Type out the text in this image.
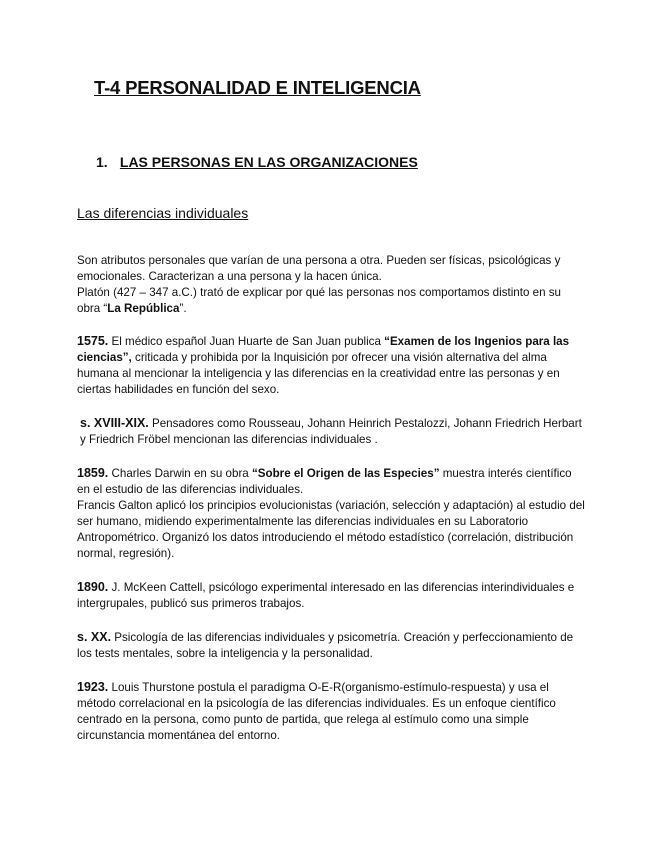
T-4 PERSONALIDAD E INTELIGENCIA
1. LAS PERSONAS EN LAS ORGANIZACIONES
Las diferencias individuales

Son atributos personales que varían de una persona a otra. Pueden ser físicas, psicológicas y emocionales. Caracterizan a una persona y la hacen única.
Platón (427 – 347 a.C.) trató de explicar por qué las personas nos comportamos distinto en su obra “La República”.

1575. El médico español Juan Huarte de San Juan publica “Examen de los Ingenios para las ciencias”, criticada y prohibida por la Inquisición por ofrecer una visión alternativa del alma humana al mencionar la inteligencia y las diferencias en la creatividad entre las personas y en ciertas habilidades en función del sexo.

s. XVIII-XIX. Pensadores como Rousseau, Johann Heinrich Pestalozzi, Johann Friedrich Herbart y Friedrich Fröbel mencionan las diferencias individuales .

1859. Charles Darwin en su obra “Sobre el Origen de las Especies” muestra interés científico en el estudio de las diferencias individuales.
Francis Galton aplicó los principios evolucionistas (variación, selección y adaptación) al estudio del ser humano, midiendo experimentalmente las diferencias individuales en su Laboratorio Antropométrico. Organizó los datos introduciendo el método estadístico (correlación, distribución normal, regresión).

1890. J. McKeen Cattell, psicólogo experimental interesado en las diferencias interindividuales e intergrupales, publicó sus primeros trabajos.

s. XX. Psicología de las diferencias individuales y psicometría. Creación y perfeccionamiento de los tests mentales, sobre la inteligencia y la personalidad.

1923. Louis Thurstone postula el paradigma O-E-R(organismo-estímulo-respuesta) y usa el método correlacional en la psicología de las diferencias individuales. Es un enfoque científico centrado en la persona, como punto de partida, que relega al estímulo como una simple circunstancia momentánea del entorno.
